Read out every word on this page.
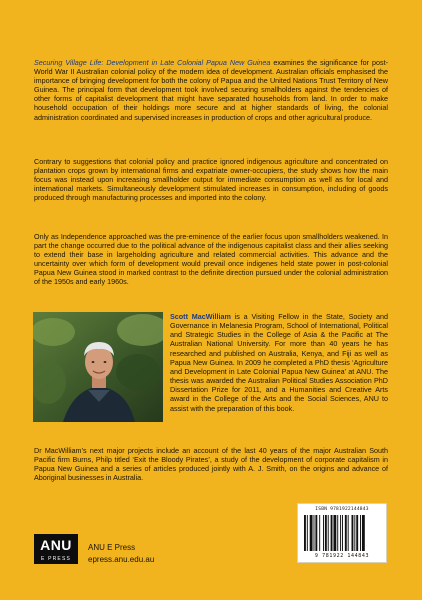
Securing Village Life: Development in Late Colonial Papua New Guinea examines the significance for post-World War II Australian colonial policy of the modern idea of development. Australian officials emphasised the importance of bringing development for both the colony of Papua and the United Nations Trust Territory of New Guinea. The principal form that development took involved securing smallholders against the tendencies of other forms of capitalist development that might have separated households from land. In order to make household occupation of their holdings more secure and at higher standards of living, the colonial administration coordinated and supervised increases in production of crops and other agricultural produce.

Contrary to suggestions that colonial policy and practice ignored indigenous agriculture and concentrated on plantation crops grown by international firms and expatriate owner-occupiers, the study shows how the main focus was instead upon increasing smallholder output for immediate consumption as well as for local and international markets. Simultaneously development stimulated increases in consumption, including of goods produced through manufacturing processes and imported into the colony.

Only as Independence approached was the pre-eminence of the earlier focus upon smallholders weakened. In part the change occurred due to the political advance of the indigenous capitalist class and their allies seeking to extend their base in largeholding agriculture and related commercial activities. This advance and the uncertainty over which form of development would prevail once indigenes held state power in post-colonial Papua New Guinea stood in marked contrast to the definite direction pursued under the colonial administration of the 1950s and early 1960s.

Scott MacWilliam is a Visiting Fellow in the State, Society and Governance in Melanesia Program, School of International, Political and Strategic Studies in the College of Asia & the Pacific at The Australian National University. For more than 40 years he has researched and published on Australia, Kenya, and Fiji as well as Papua New Guinea. In 2009 he completed a PhD thesis ‘Agriculture and Development in Late Colonial Papua New Guinea’ at ANU. The thesis was awarded the Australian Political Studies Association PhD Dissertation Prize for 2011, and a Humanities and Creative Arts award in the College of the Arts and the Social Sciences, ANU to assist with the preparation of this book.

Dr MacWilliam’s next major projects include an account of the last 40 years of the major Australian South Pacific firm Burns, Philp titled ‘Exit the Bloody Pirates’, a study of the development of corporate capitalism in Papua New Guinea and a series of articles produced jointly with A. J. Smith, on the origins and advance of Aboriginal businesses in Australia.

ISBN 9781922144843
9 781922 144843
ANU
E PRESS
ANU E Press
epress.anu.edu.au
